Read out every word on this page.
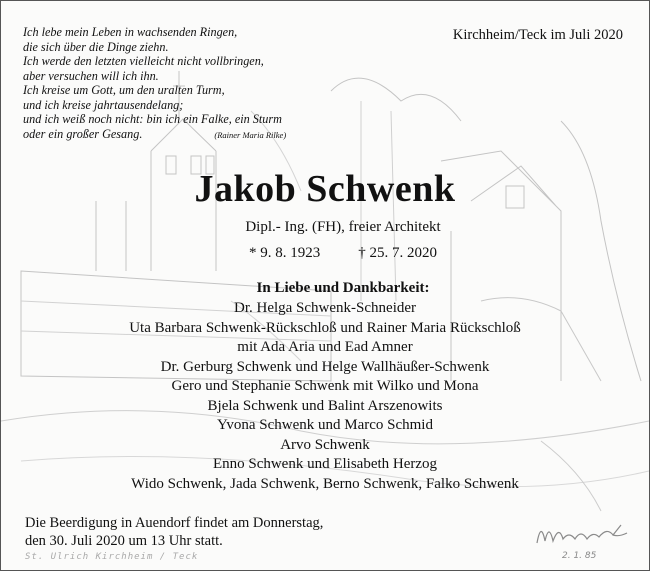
Ich lebe mein Leben in wachsenden Ringen,
die sich über die Dinge ziehn.
Ich werde den letzten vielleicht nicht vollbringen,
aber versuchen will ich ihn.
Ich kreise um Gott, um den uralten Turm,
und ich kreise jahrtausendelang;
und ich weiß noch nicht: bin ich ein Falke, ein Sturm
oder ein großer Gesang.	(Rainer Maria Rilke)
Kirchheim/Teck im Juli 2020
Jakob Schwenk
Dipl.- Ing. (FH), freier Architekt
* 9. 8. 1923	† 25. 7. 2020
In Liebe und Dankbarkeit:
Dr. Helga Schwenk-Schneider
Uta Barbara Schwenk-Rückschloß und Rainer Maria Rückschloß
mit Ada Aria und Ead Amner
Dr. Gerburg Schwenk und Helge Wallhäußer-Schwenk
Gero und Stephanie Schwenk mit Wilko und Mona
Bjela Schwenk und Balint Arszenowits
Yvona Schwenk und Marco Schmid
Arvo Schwenk
Enno Schwenk und Elisabeth Herzog
Wido Schwenk, Jada Schwenk, Berno Schwenk, Falko Schwenk
Die Beerdigung in Auendorf findet am Donnerstag,
den 30. Juli 2020 um 13 Uhr statt.
St. Ulrich Kirchheim / Teck	2. 1. 85
